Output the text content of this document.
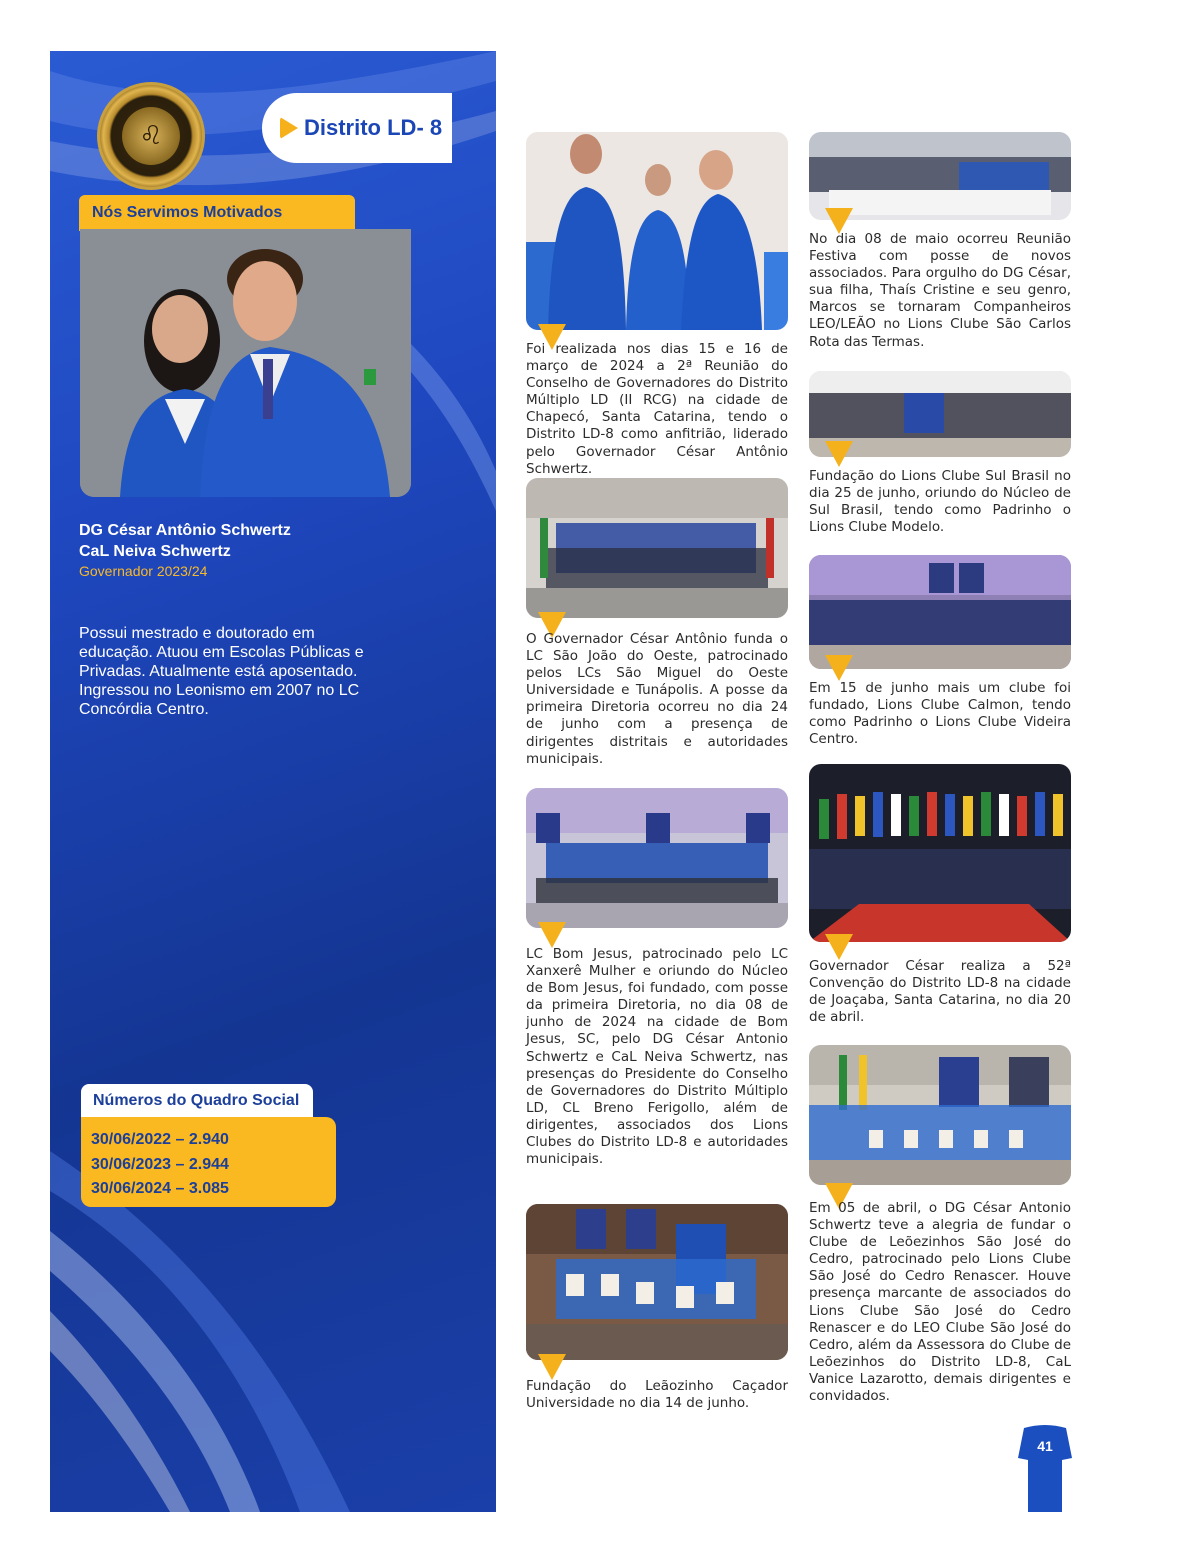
♌	Distrito LD- 8
Nós Servimos Motivados
DG César Antônio Schwertz
CaL Neiva Schwertz
Governador 2023/24
Possui mestrado e doutorado em educação. Atuou em Escolas Públicas e Privadas. Atualmente está aposentado. Ingressou no Leonismo em 2007 no LC Concórdia Centro.
Números do Quadro Social
30/06/2022 – 2.940
30/06/2023 – 2.944
30/06/2024 – 3.085
Foi realizada nos dias 15 e 16 de março de 2024 a 2ª Reunião do Conselho de Governadores do Distrito Múltiplo LD (II RCG) na cidade de Chapecó, Santa Catarina, tendo o Distrito LD-8 como anfitrião, liderado pelo Governador César Antônio Schwertz.
O Governador César Antônio funda o LC São João do Oeste, patrocinado pelos LCs São Miguel do Oeste Universidade e Tunápolis. A posse da primeira Diretoria ocorreu no dia 24 de junho com a presença de dirigentes distritais e autoridades municipais.
LC Bom Jesus, patrocinado pelo LC Xanxerê Mulher e oriundo do Núcleo de Bom Jesus, foi fundado, com posse da primeira Diretoria, no dia 08 de junho de 2024 na cidade de Bom Jesus, SC, pelo DG César Antonio Schwertz e CaL Neiva Schwertz, nas presenças do Presidente do Conselho de Governadores do Distrito Múltiplo LD, CL Breno Ferigollo, além de dirigentes, associados dos Lions Clubes do Distrito LD-8 e autoridades municipais.
Fundação do Leãozinho Caçador Universidade no dia 14 de junho.
No dia 08 de maio ocorreu Reunião Festiva com posse de novos associados. Para orgulho do DG César, sua filha, Thaís Cristine e seu genro, Marcos se tornaram Companheiros LEO/LEÃO no Lions Clube São Carlos Rota das Termas.
Fundação do Lions Clube Sul Brasil no dia 25 de junho, oriundo do Núcleo de Sul Brasil, tendo como Padrinho o Lions Clube Modelo.
Em 15 de junho mais um clube foi fundado, Lions Clube Calmon, tendo como Padrinho o Lions Clube Videira Centro.
Governador César realiza a 52ª Convenção do Distrito LD-8 na cidade de Joaçaba, Santa Catarina, no dia 20 de abril.
Em 05 de abril, o DG César Antonio Schwertz teve a alegria de fundar o Clube de Leõezinhos São José do Cedro, patrocinado pelo Lions Clube São José do Cedro Renascer. Houve presença marcante de associados do Lions Clube São José do Cedro Renascer e do LEO Clube São José do Cedro, além da Assessora do Clube de Leõezinhos do Distrito LD-8, CaL Vanice Lazarotto, demais dirigentes e convidados.
41
